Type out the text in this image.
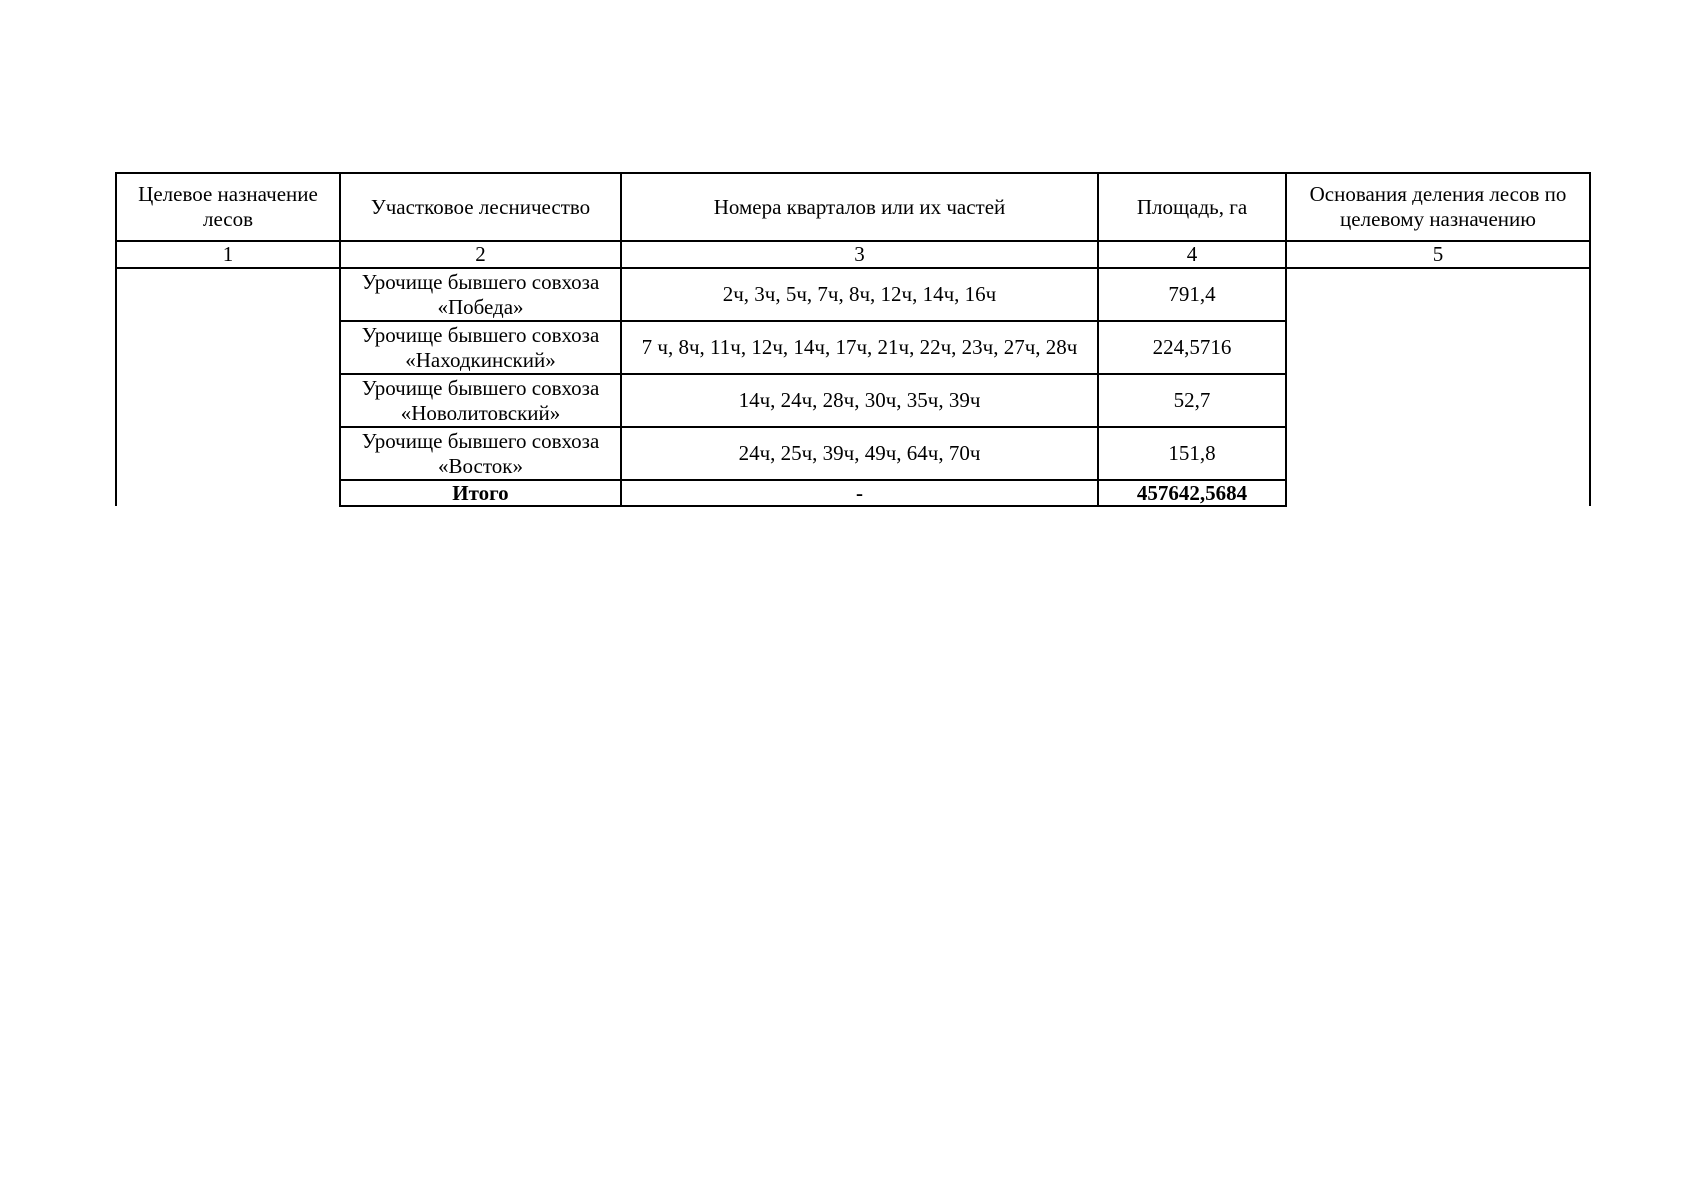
Целевое назначение лесов	Участковое лесничество	Номера кварталов или их частей	Площадь, га	Основания деления лесов по целевому назначению
1	2	3	4	5
	Урочище бывшего совхоза «Победа»	2ч, 3ч, 5ч, 7ч, 8ч, 12ч, 14ч, 16ч	791,4	
	Урочище бывшего совхоза «Находкинский»	7 ч, 8ч, 11ч, 12ч, 14ч, 17ч, 21ч, 22ч, 23ч, 27ч, 28ч	224,5716	
	Урочище бывшего совхоза «Новолитовский»	14ч, 24ч, 28ч, 30ч, 35ч, 39ч	52,7	
	Урочище бывшего совхоза «Восток»	24ч, 25ч, 39ч, 49ч, 64ч, 70ч	151,8	
	Итого	-	457642,5684	
